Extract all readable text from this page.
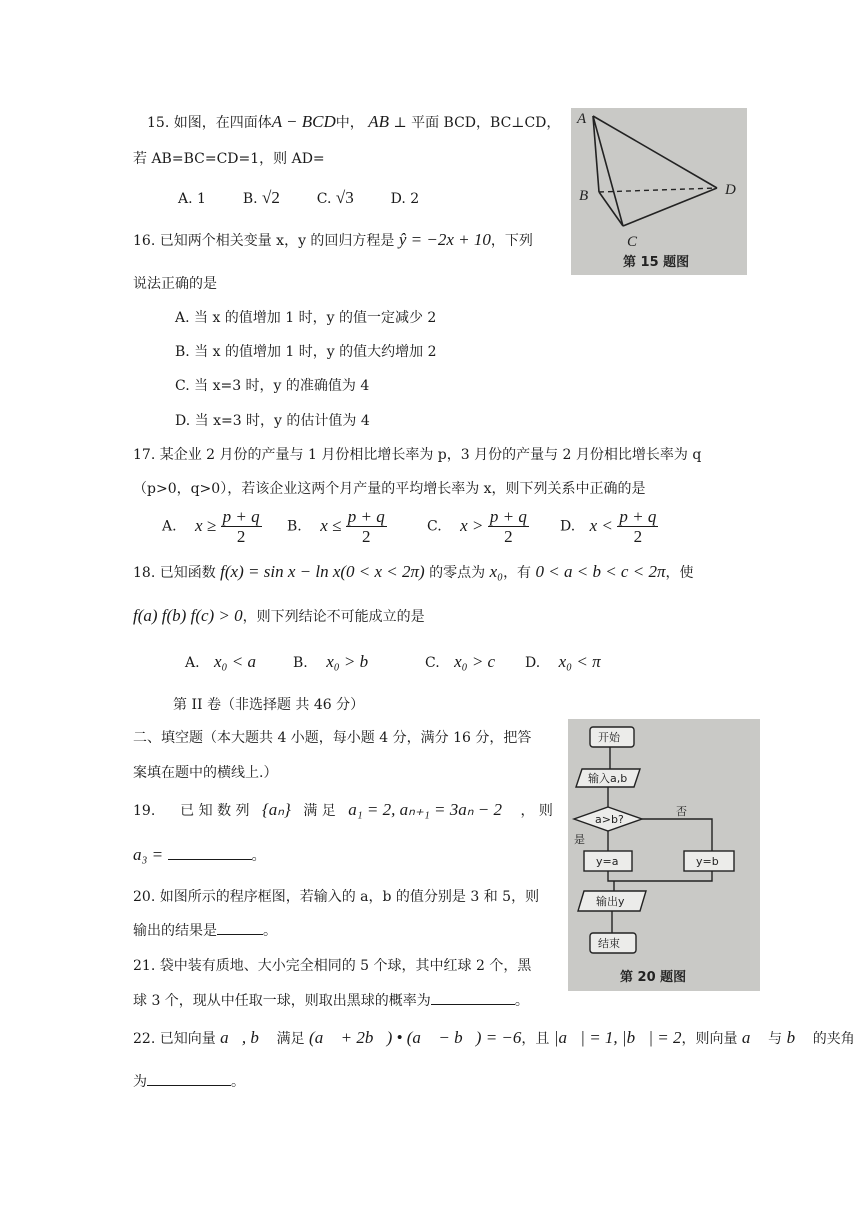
15. 如图，在四面体A − BCD中， AB ⊥ 平面 BCD，BC⊥CD，
若 AB=BC=CD=1，则 AD=
A. 1	B. √2	C. √3	D. 2
A
B
C
D
第 15 题图
16. 已知两个相关变量 x，y 的回归方程是 ŷ = −2x + 10，下列
说法正确的是
A. 当 x 的值增加 1 时，y 的值一定减少 2
B. 当 x 的值增加 1 时，y 的值大约增加 2
C. 当 x=3 时，y 的准确值为 4
D. 当 x=3 时，y 的估计值为 4
17. 某企业 2 月份的产量与 1 月份相比增长率为 p，3 月份的产量与 2 月份相比增长率为 q
（p>0，q>0），若该企业这两个月产量的平均增长率为 x，则下列关系中正确的是
A. $x \ge \frac{p + q}{2} B$. $x \le \frac{p + q}{2}$	C. $x > \frac{p + q}{2} D$. $x < \frac{p + q}{2}$
18. 已知函数 f(x) = sin x − ln x(0 < x < 2π) 的零点为 x₀，有 0 < a < b < c < 2π，使
f(a) f(b) f(c) > 0，则下列结论不可能成立的是
A. x₀ < a	B. x₀ > b	C. x₀ > c D. x₀ < π
第 II 卷（非选择题 共 46 分）
二、填空题（本大题共 4 小题，每小题 4 分，满分 16 分，把答
案填在题中的横线上.）
开始
输入a,b
a>b?
是
否
y=a	y=b
输出y
结束
第 20 题图
19. 已 知 数 列 {aₙ} 满 足 a₁ = 2, aₙ₊₁ = 3aₙ − 2 ， 则
a₃ =	。
20. 如图所示的程序框图，若输入的 a，b 的值分别是 3 和 5，则
输出的结果是	。
21. 袋中装有质地、大小完全相同的 5 个球，其中红球 2 个，黑
球 3 个，现从中任取一球，则取出黑球的概率为	。
22. 已知向量 a⃗, b⃗ 满足 (a⃗ + 2b⃗) • (a⃗ − b⃗) = −6，且 |a⃗| = 1, |b⃗| = 2，则向量 a⃗ 与 b⃗ 的夹角
为	。
